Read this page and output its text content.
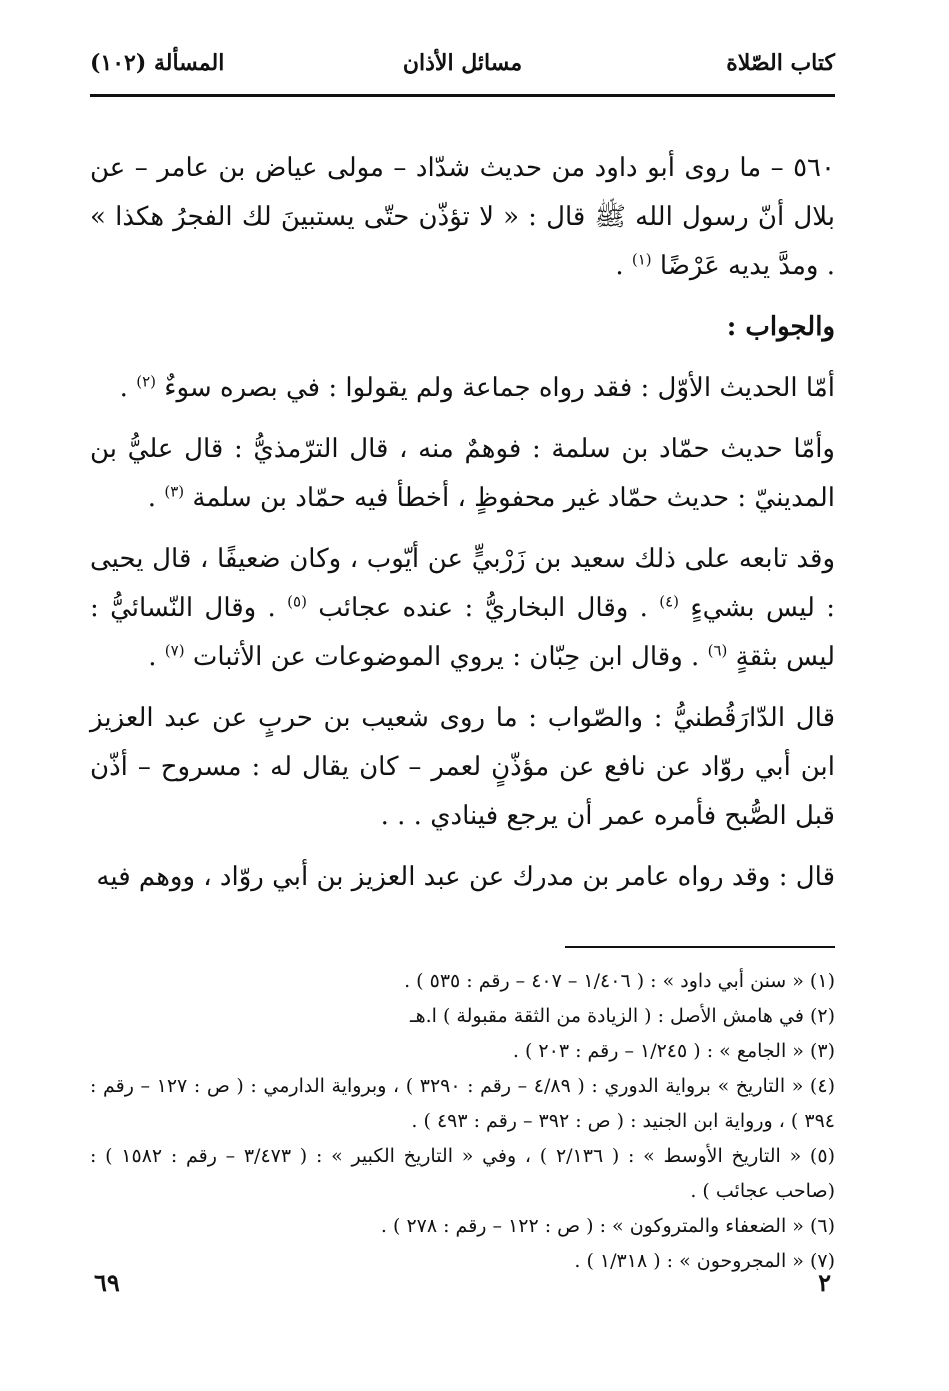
كتاب الصّلاة
مسائل الأذان
المسألة (١٠٢)

٥٦٠ – ما روى أبو داود من حديث شدّاد – مولى عياض بن عامر – عن بلال أنّ رسول الله ﷺ قال : « لا تؤذّن حتّى يستبينَ لك الفجرُ هكذا » . ومدَّ يديه عَرْضًا $^{(١)}$ .

والجواب :

أمّا الحديث الأوّل : فقد رواه جماعة ولم يقولوا : في بصره سوءٌ $^{(٢)}$ .

وأمّا حديث حمّاد بن سلمة : فوهمٌ منه ، قال الترّمذيُّ : قال عليُّ بن المدينيّ : حديث حمّاد غير محفوظٍ ، أخطأ فيه حمّاد بن سلمة $^{(٣)}$ .

وقد تابعه على ذلك سعيد بن زَرْبيٍّ عن أيّوب ، وكان ضعيفًا ، قال يحيى : ليس بشيءٍ $^{(٤)}$ . وقال البخاريُّ : عنده عجائب $^{(٥)}$ . وقال النّسائيُّ : ليس بثقةٍ $^{(٦)}$ . وقال ابن حِبّان : يروي الموضوعات عن الأثبات $^{(٧)}$ .

قال الدّارَقُطنيُّ : والصّواب : ما روى شعيب بن حربٍ عن عبد العزيز ابن أبي روّاد عن نافع عن مؤذّنٍ لعمر – كان يقال له : مسروح – أذّن قبل الصُّبح فأمره عمر أن يرجع فينادي . . .

قال : وقد رواه عامر بن مدرك عن عبد العزيز بن أبي روّاد ، ووهم فيه

(١) « سنن أبي داود » : ( ١/٤٠٦ – ٤٠٧ – رقم : ٥٣٥ ) .
(٢) في هامش الأصل : ( الزيادة من الثقة مقبولة ) ا.هـ
(٣) « الجامع » : ( ١/٢٤٥ – رقم : ٢٠٣ ) .
(٤) « التاريخ » برواية الدوري : ( ٤/٨٩ – رقم : ٣٢٩٠ ) ، وبرواية الدارمي : ( ص : ١٢٧ – رقم : ٣٩٤ ) ، ورواية ابن الجنيد : ( ص : ٣٩٢ – رقم : ٤٩٣ ) .
(٥) « التاريخ الأوسط » : ( ٢/١٣٦ ) ، وفي « التاريخ الكبير » : ( ٣/٤٧٣ – رقم : ١٥٨٢ ) : (صاحب عجائب ) .
(٦) « الضعفاء والمتروكون » : ( ص : ١٢٢ – رقم : ٢٧٨ ) .
(٧) « المجروحون » : ( ١/٣١٨ ) .
٢
٦٩
